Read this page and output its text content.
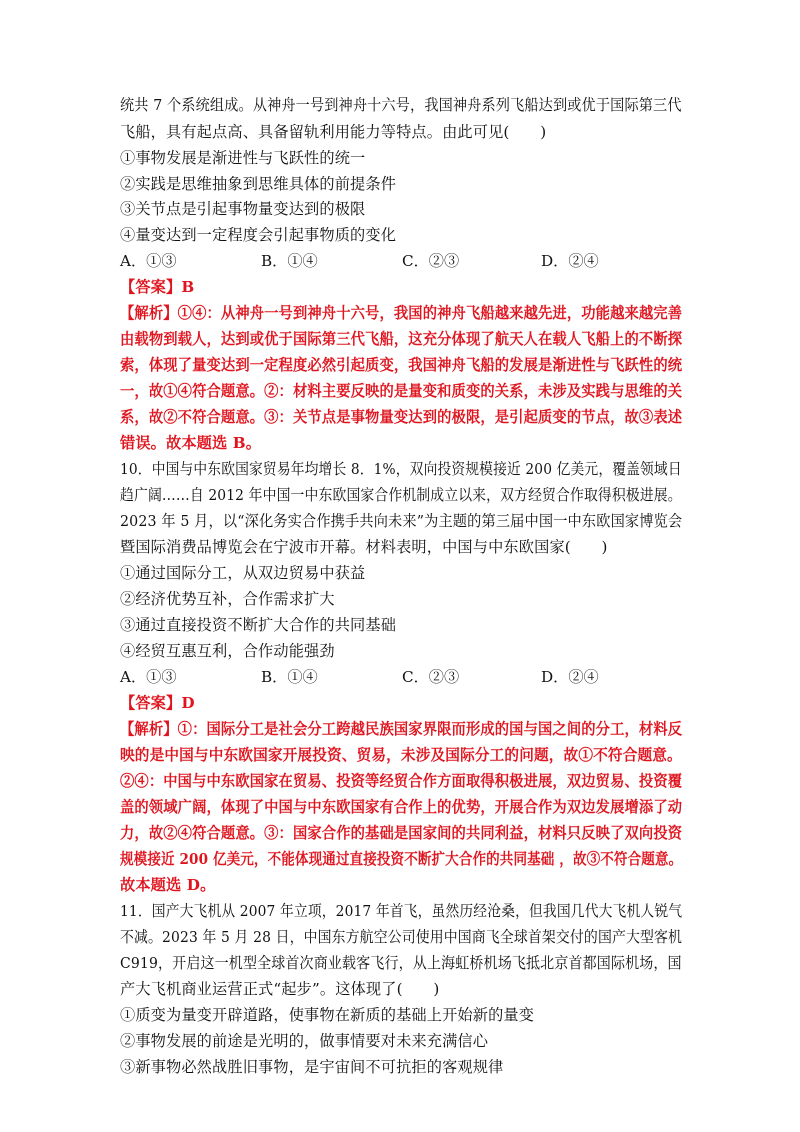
统共 7 个系统组成。从神舟一号到神舟十六号，我国神舟系列飞船达到或优于国际第三代
飞船，具有起点高、具备留轨利用能力等特点。由此可见(　　)
①事物发展是渐进性与飞跃性的统一
②实践是思维抽象到思维具体的前提条件
③关节点是引起事物量变达到的极限
④量变达到一定程度会引起事物质的变化
A．①③	B．①④	C．②③	D．②④
【答案】B
【解析】①④：从神舟一号到神舟十六号，我国的神舟飞船越来越先进，功能越来越完善
由载物到载人，达到或优于国际第三代飞船，这充分体现了航天人在载人飞船上的不断探
索，体现了量变达到一定程度必然引起质变，我国神舟飞船的发展是渐进性与飞跃性的统
一，故①④符合题意。②：材料主要反映的是量变和质变的关系，未涉及实践与思维的关
系，故②不符合题意。③：关节点是事物量变达到的极限，是引起质变的节点，故③表述
错误。故本题选 B。
10．中国与中东欧国家贸易年均增长 8．1%，双向投资规模接近 200 亿美元，覆盖领域日
趋广阔……自 2012 年中国一中东欧国家合作机制成立以来，双方经贸合作取得积极进展。
2023 年 5 月，以“深化务实合作携手共向未来”为主题的第三届中国一中东欧国家博览会
暨国际消费品博览会在宁波市开幕。材料表明，中国与中东欧国家(　　)
①通过国际分工，从双边贸易中获益
②经济优势互补，合作需求扩大
③通过直接投资不断扩大合作的共同基础
④经贸互惠互利，合作动能强劲
A．①③	B．①④	C．②③	D．②④
【答案】D
【解析】①：国际分工是社会分工跨越民族国家界限而形成的国与国之间的分工，材料反
映的是中国与中东欧国家开展投资、贸易，未涉及国际分工的问题，故①不符合题意。
②④：中国与中东欧国家在贸易、投资等经贸合作方面取得积极进展，双边贸易、投资覆
盖的领域广阔，体现了中国与中东欧国家有合作上的优势，开展合作为双边发展增添了动
力，故②④符合题意。③：国家合作的基础是国家间的共同利益，材料只反映了双向投资
规模接近 200 亿美元，不能体现通过直接投资不断扩大合作的共同基础 ，故③不符合题意。
故本题选 D。
11．国产大飞机从 2007 年立项，2017 年首飞，虽然历经沧桑，但我国几代大飞机人锐气
不减。2023 年 5 月 28 日，中国东方航空公司使用中国商飞全球首架交付的国产大型客机
C919，开启这一机型全球首次商业载客飞行，从上海虹桥机场飞抵北京首都国际机场，国
产大飞机商业运营正式“起步”。这体现了(　　)
①质变为量变开辟道路，使事物在新质的基础上开始新的量变
②事物发展的前途是光明的，做事情要对未来充满信心
③新事物必然战胜旧事物，是宇宙间不可抗拒的客观规律
